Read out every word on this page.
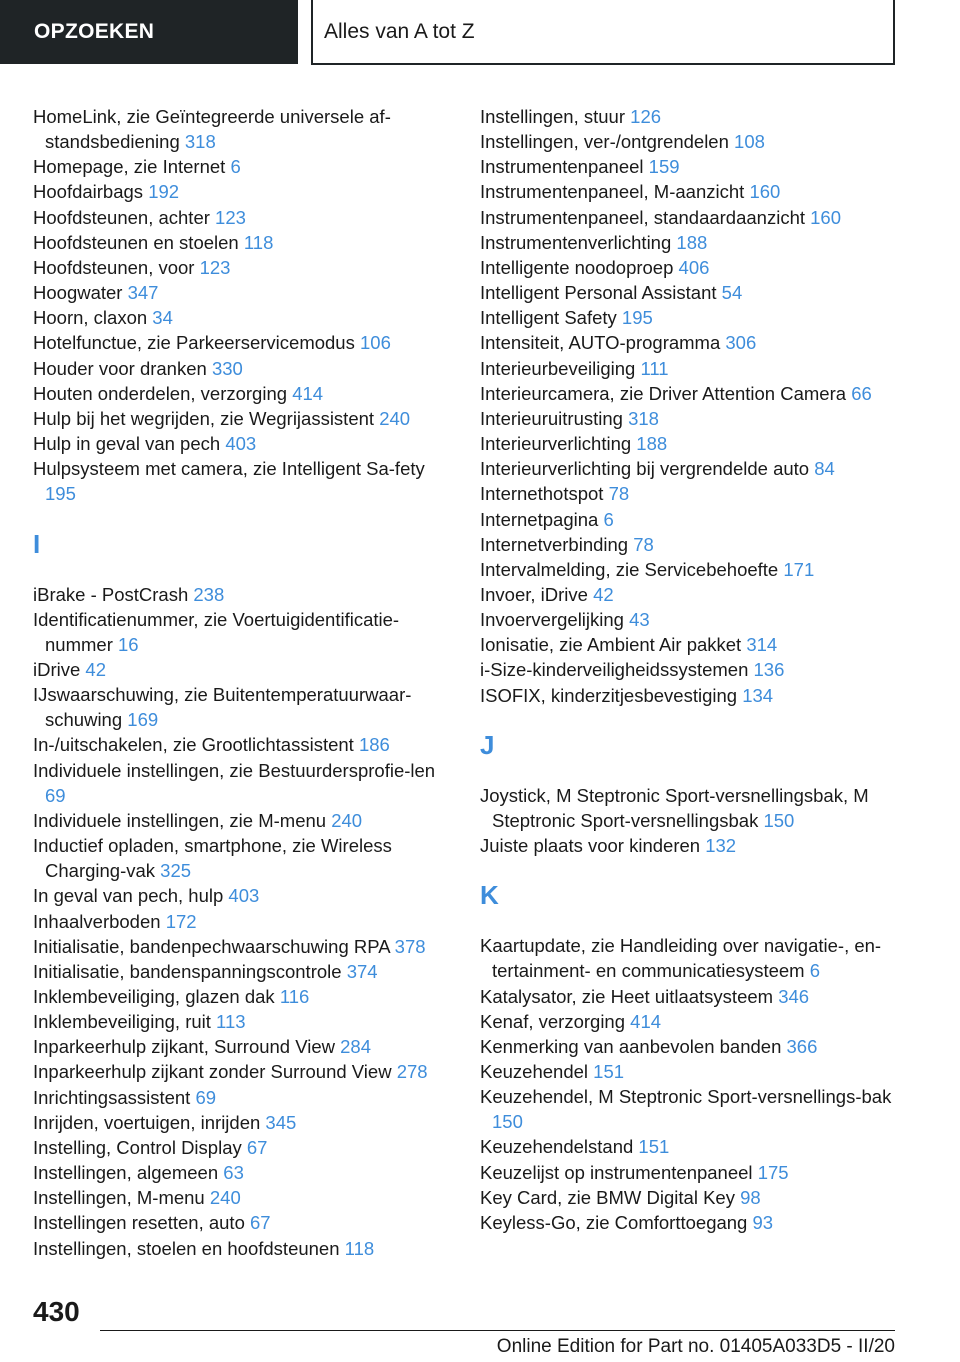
OPZOEKEN	Alles van A tot Z
HomeLink, zie Geïntegreerde universele af‐standsbediening 318
Homepage, zie Internet 6
Hoofdairbags 192
Hoofdsteunen, achter 123
Hoofdsteunen en stoelen 118
Hoofdsteunen, voor 123
Hoogwater 347
Hoorn, claxon 34
Hotelfunctue, zie Parkeerservicemodus 106
Houder voor dranken 330
Houten onderdelen, verzorging 414
Hulp bij het wegrijden, zie Wegrijassistent 240
Hulp in geval van pech 403
Hulpsysteem met camera, zie Intelligent Sa‐fety 195
I
iBrake - PostCrash 238
Identificatienummer, zie Voertuigidentificatie‐nummer 16
iDrive 42
IJswaarschuwing, zie Buitentemperatuurwaar‐schuwing 169
In-/uitschakelen, zie Grootlichtassistent 186
Individuele instellingen, zie Bestuurdersprofie‐len 69
Individuele instellingen, zie M-menu 240
Inductief opladen, smartphone, zie Wireless Charging-vak 325
In geval van pech, hulp 403
Inhaalverboden 172
Initialisatie, bandenpechwaarschuwing RPA 378
Initialisatie, bandenspanningscontrole 374
Inklembeveiliging, glazen dak 116
Inklembeveiliging, ruit 113
Inparkeerhulp zijkant, Surround View 284
Inparkeerhulp zijkant zonder Surround View 278
Inrichtingsassistent 69
Inrijden, voertuigen, inrijden 345
Instelling, Control Display 67
Instellingen, algemeen 63
Instellingen, M-menu 240
Instellingen resetten, auto 67
Instellingen, stoelen en hoofdsteunen 118
Instellingen, stuur 126
Instellingen, ver-/ontgrendelen 108
Instrumentenpaneel 159
Instrumentenpaneel, M-aanzicht 160
Instrumentenpaneel, standaardaanzicht 160
Instrumentenverlichting 188
Intelligente noodoproep 406
Intelligent Personal Assistant 54
Intelligent Safety 195
Intensiteit, AUTO-programma 306
Interieurbeveiliging 111
Interieurcamera, zie Driver Attention Camera 66
Interieuruitrusting 318
Interieurverlichting 188
Interieurverlichting bij vergrendelde auto 84
Internethotspot 78
Internetpagina 6
Internetverbinding 78
Intervalmelding, zie Servicebehoefte 171
Invoer, iDrive 42
Invoervergelijking 43
Ionisatie, zie Ambient Air pakket 314
i-Size-kinderveiligheidssystemen 136
ISOFIX, kinderzitjesbevestiging 134
J
Joystick, M Steptronic Sport-versnellingsbak, M Steptronic Sport-versnellingsbak 150
Juiste plaats voor kinderen 132
K
Kaartupdate, zie Handleiding over navigatie-, en‐tertainment- en communicatiesysteem 6
Katalysator, zie Heet uitlaatsysteem 346
Kenaf, verzorging 414
Kenmerking van aanbevolen banden 366
Keuzehendel 151
Keuzehendel, M Steptronic Sport-versnellings‐bak 150
Keuzehendelstand 151
Keuzelijst op instrumentenpaneel 175
Key Card, zie BMW Digital Key 98
Keyless-Go, zie Comforttoegang 93
430
Online Edition for Part no. 01405A033D5 - II/20
